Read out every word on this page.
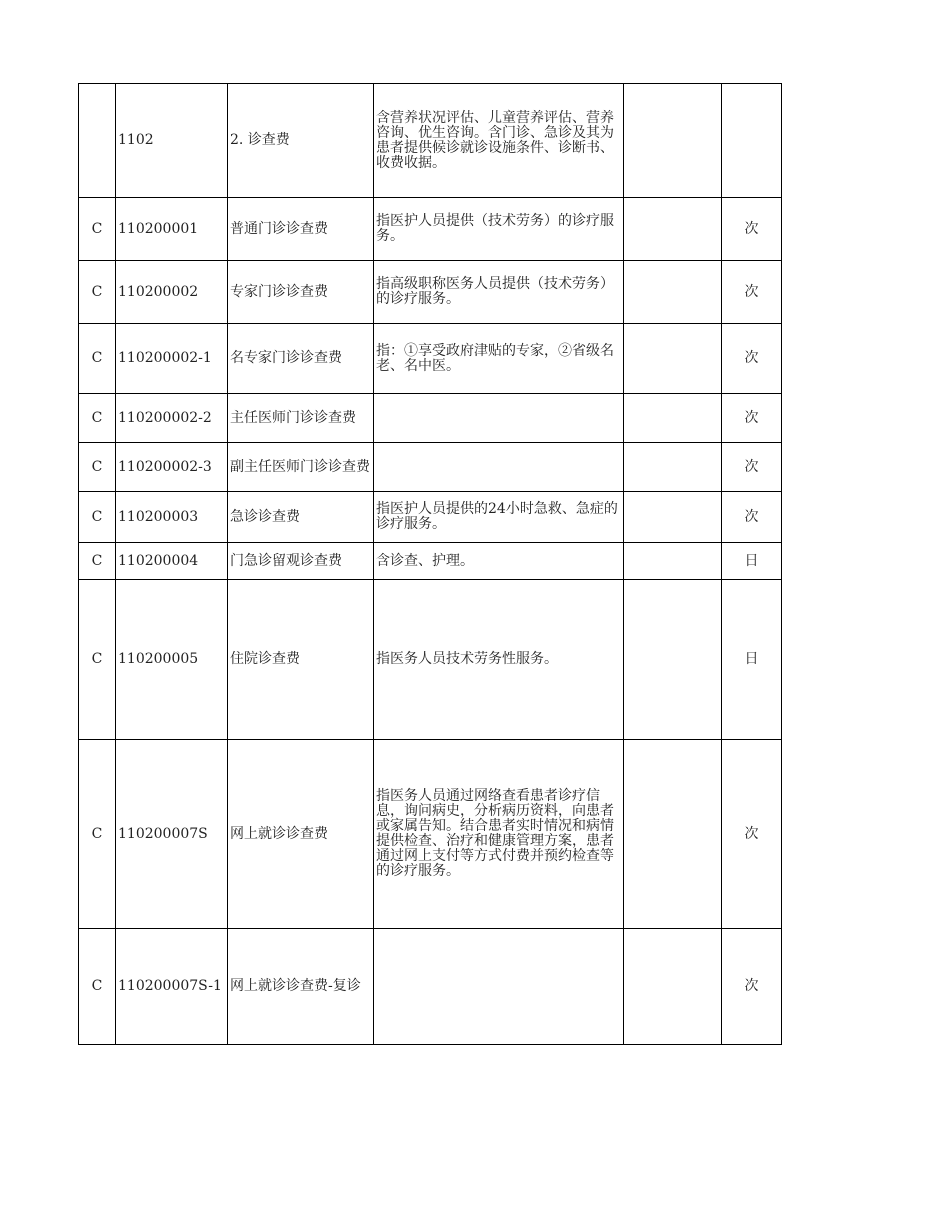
	1102	2. 诊查费	含营养状况评估、儿童营养评估、营养咨询、优生咨询。含门诊、急诊及其为患者提供候诊就诊设施条件、诊断书、收费收据。		
C	110200001	普通门诊诊查费	指医护人员提供（技术劳务）的诊疗服务。		次
C	110200002	专家门诊诊查费	指高级职称医务人员提供（技术劳务）的诊疗服务。		次
C	110200002-1	名专家门诊诊查费	指：①享受政府津贴的专家，②省级名老、名中医。		次
C	110200002-2	主任医师门诊诊查费			次
C	110200002-3	副主任医师门诊诊查费			次
C	110200003	急诊诊查费	指医护人员提供的24小时急救、急症的诊疗服务。		次
C	110200004	门急诊留观诊查费	含诊查、护理。		日
C	110200005	住院诊查费	指医务人员技术劳务性服务。		日
C	110200007S	网上就诊诊查费	指医务人员通过网络查看患者诊疗信息，询问病史，分析病历资料，向患者或家属告知。结合患者实时情况和病情提供检查、治疗和健康管理方案，患者通过网上支付等方式付费并预约检查等的诊疗服务。		次
C	110200007S-1	网上就诊诊查费-复诊			次
